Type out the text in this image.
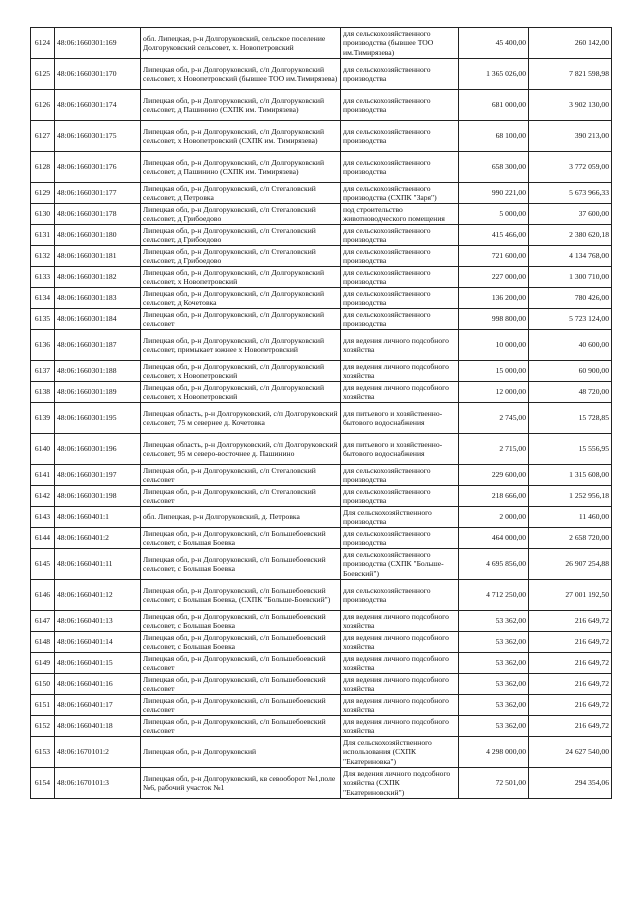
6124	48:06:1660301:169	обл. Липецкая, р-н Долгоруковский, сельское поселение Долгоруковский сельсовет, х. Новопетровский	для сельскохозяйственного производства (бывшее ТОО им.Тимирязева)	45 400,00	260 142,00
6125	48:06:1660301:170	Липецкая обл, р-н Долгоруковский, с/п Долгоруковский сельсовет, х Новопетровский (бывшее ТОО им.Тимирязева)	для сельскохозяйственного производства	1 365 026,00	7 821 598,98
6126	48:06:1660301:174	Липецкая обл, р-н Долгоруковский, с/п Долгоруковский сельсовет, д Пашинино (СХПК им. Тимирязева)	для сельскохозяйственного производства	681 000,00	3 902 130,00
6127	48:06:1660301:175	Липецкая обл, р-н Долгоруковский, с/п Долгоруковский сельсовет, х Новопетровский (СХПК им. Тимирязева)	для сельскохозяйственного производства	68 100,00	390 213,00
6128	48:06:1660301:176	Липецкая обл, р-н Долгоруковский, с/п Долгоруковский сельсовет, д Пашинино (СХПК им. Тимирязева)	для сельскохозяйственного производства	658 300,00	3 772 059,00
6129	48:06:1660301:177	Липецкая обл, р-н Долгоруковский, с/п Стегаловский сельсовет, д Петровка	для сельскохозяйственного производства (СХПК "Заря")	990 221,00	5 673 966,33
6130	48:06:1660301:178	Липецкая обл, р-н Долгоруковский, с/п Стегаловский сельсовет, д Грибоедово	под строительство животноводческого помещения	5 000,00	37 600,00
6131	48:06:1660301:180	Липецкая обл, р-н Долгоруковский, с/п Стегаловский сельсовет, д Грибоедово	для сельскохозяйственного производства	415 466,00	2 380 620,18
6132	48:06:1660301:181	Липецкая обл, р-н Долгоруковский, с/п Стегаловский сельсовет, д Грибоедово	для сельскохозяйственного производства	721 600,00	4 134 768,00
6133	48:06:1660301:182	Липецкая обл, р-н Долгоруковский, с/п Долгоруковский сельсовет, х Новопетровский	для сельскохозяйственного производства	227 000,00	1 300 710,00
6134	48:06:1660301:183	Липецкая обл, р-н Долгоруковский, с/п Долгоруковский сельсовет, д Кочетовка	для сельскохозяйственного производства	136 200,00	780 426,00
6135	48:06:1660301:184	Липецкая обл, р-н Долгоруковский, с/п Долгоруковский сельсовет	для сельскохозяйственного производства	998 800,00	5 723 124,00
6136	48:06:1660301:187	Липецкая обл, р-н Долгоруковский, с/п Долгоруковский сельсовет, примыкает южнее х Новопетровский	для ведения личного подсобного хозяйства	10 000,00	40 600,00
6137	48:06:1660301:188	Липецкая обл, р-н Долгоруковский, с/п Долгоруковский сельсовет, х Новопетровский	для ведения личного подсобного хозяйства	15 000,00	60 900,00
6138	48:06:1660301:189	Липецкая обл, р-н Долгоруковский, с/п Долгоруковский сельсовет, х Новопетровский	для ведения личного подсобного хозяйства	12 000,00	48 720,00
6139	48:06:1660301:195	Липецкая область, р-н Долгоруковский, с/п Долгоруковский сельсовет, 75 м севернее д. Кочетовка	для питьевого и хозяйственно-бытового водоснабжения	2 745,00	15 728,85
6140	48:06:1660301:196	Липецкая область, р-н Долгоруковский, с/п Долгоруковский сельсовет, 95 м северо-восточнее д. Пашинино	для питьевого и хозяйственно-бытового водоснабжения	2 715,00	15 556,95
6141	48:06:1660301:197	Липецкая обл, р-н Долгоруковский, с/п Стегаловский сельсовет	для сельскохозяйственного производства	229 600,00	1 315 608,00
6142	48:06:1660301:198	Липецкая обл, р-н Долгоруковский, с/п Стегаловский сельсовет	для сельскохозяйственного производства	218 666,00	1 252 956,18
6143	48:06:1660401:1	обл. Липецкая, р-н Долгоруковский, д. Петровка	Для сельскохозяйственного производства	2 000,00	11 460,00
6144	48:06:1660401:2	Липецкая обл, р-н Долгоруковский, с/п Большебоевский сельсовет, с Большая Боевка	для сельскохозяйственного производства	464 000,00	2 658 720,00
6145	48:06:1660401:11	Липецкая обл, р-н Долгоруковский, с/п Большебоевский сельсовет, с Большая Боевка	для сельскохозяйственного производства (СХПК "Больше-Боевский")	4 695 856,00	26 907 254,88
6146	48:06:1660401:12	Липецкая обл, р-н Долгоруковский, с/п Большебоевский сельсовет, с Большая Боевка, (СХПК "Больше-Боевский")	для сельскохозяйственного производства	4 712 250,00	27 001 192,50
6147	48:06:1660401:13	Липецкая обл, р-н Долгоруковский, с/п Большебоевский сельсовет, с Большая Боевка	для ведения личного подсобного хозяйства	53 362,00	216 649,72
6148	48:06:1660401:14	Липецкая обл, р-н Долгоруковский, с/п Большебоевский сельсовет, с Большая Боевка	для ведения личного подсобного хозяйства	53 362,00	216 649,72
6149	48:06:1660401:15	Липецкая обл, р-н Долгоруковский, с/п Большебоевский сельсовет	для ведения личного подсобного хозяйства	53 362,00	216 649,72
6150	48:06:1660401:16	Липецкая обл, р-н Долгоруковский, с/п Большебоевский сельсовет	для ведения личного подсобного хозяйства	53 362,00	216 649,72
6151	48:06:1660401:17	Липецкая обл, р-н Долгоруковский, с/п Большебоевский сельсовет	для ведения личного подсобного хозяйства	53 362,00	216 649,72
6152	48:06:1660401:18	Липецкая обл, р-н Долгоруковский, с/п Большебоевский сельсовет	для ведения личного подсобного хозяйства	53 362,00	216 649,72
6153	48:06:1670101:2	Липецкая обл, р-н Долгоруковский	Для сельскохозяйственного использования (СХПК "Екатериновка")	4 298 000,00	24 627 540,00
6154	48:06:1670101:3	Липецкая обл, р-н Долгоруковский, кв севооборот №1,поле №6, рабочий участок №1	Для ведения личного подсобного хозяйства (СХПК "Екатериновский")	72 501,00	294 354,06
